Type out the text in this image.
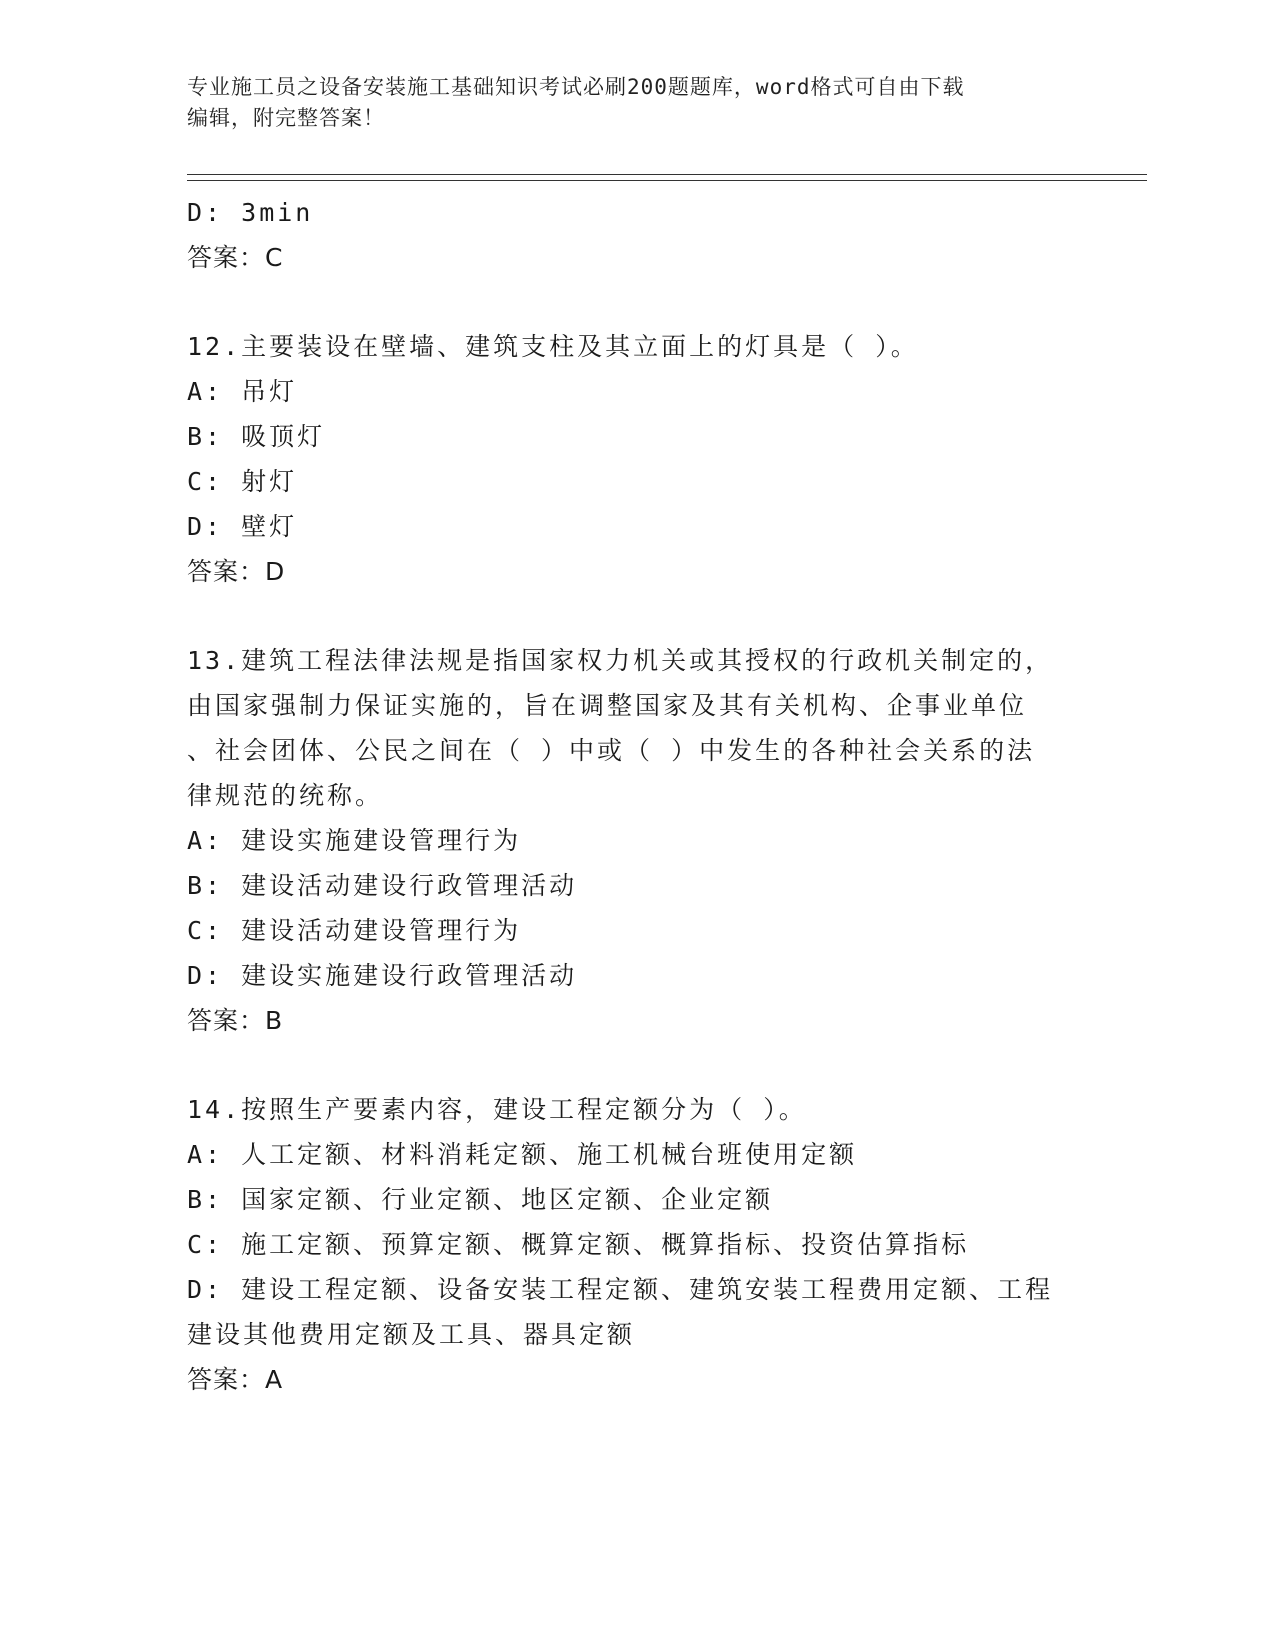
专业施工员之设备安装施工基础知识考试必刷200题题库，word格式可自由下载
编辑，附完整答案！
D: 3min
答案：C
12.主要装设在壁墙、建筑支柱及其立面上的灯具是（ ）。
A: 吊灯
B: 吸顶灯
C: 射灯
D: 壁灯
答案：D
13.建筑工程法律法规是指国家权力机关或其授权的行政机关制定的，
由国家强制力保证实施的，旨在调整国家及其有关机构、企事业单位
、社会团体、公民之间在（ ）中或（ ）中发生的各种社会关系的法
律规范的统称。
A: 建设实施建设管理行为
B: 建设活动建设行政管理活动
C: 建设活动建设管理行为
D: 建设实施建设行政管理活动
答案：B
14.按照生产要素内容，建设工程定额分为（ ）。
A: 人工定额、材料消耗定额、施工机械台班使用定额
B: 国家定额、行业定额、地区定额、企业定额
C: 施工定额、预算定额、概算定额、概算指标、投资估算指标
D: 建设工程定额、设备安装工程定额、建筑安装工程费用定额、工程
建设其他费用定额及工具、器具定额
答案：A
